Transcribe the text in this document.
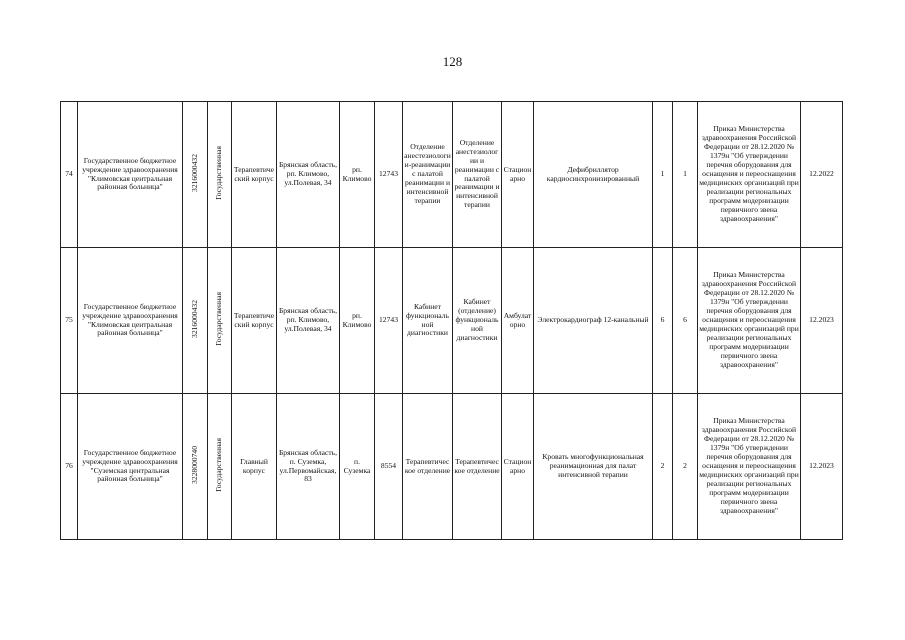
128
74	Государственное бюджетное учреждение здравоохранения "Климовская центральная районная больница"	3216000432	Государственная	Терапевтический корпус	Брянская область, рп. Климово, ул.Полевая, 34	рп. Климово	12743	Отделение анестезиологии-реанимации с палатой реанимации и интенсивной терапии	Отделение анестезиологии и реанимации с палатой реанимации и интенсивной терапии	Стационарно	Дефибриллятор кардиосинхронизированный	1	1	Приказ Министерства здравоохранения Российской Федерации от 28.12.2020 № 1379н "Об утверждении перечня оборудования для оснащения и переоснащения медицинских организаций при реализации региональных программ модернизации первичного звена здравоохранения"	12.2022
75	Государственное бюджетное учреждение здравоохранения "Климовская центральная районная больница"	3216000432	Государственная	Терапевтический корпус	Брянская область, рп. Климово, ул.Полевая, 34	рп. Климово	12743	Кабинет функциональной диагностики	Кабинет (отделение) функциональной диагностики	Амбулаторно	Электрокардиограф 12-канальный	6	6	Приказ Министерства здравоохранения Российской Федерации от 28.12.2020 № 1379н "Об утверждении перечня оборудования для оснащения и переоснащения медицинских организаций при реализации региональных программ модернизации первичного звена здравоохранения"	12.2023
76	Государственное бюджетное учреждение здравоохранения "Суземская центральная районная больница"	3228000740	Государственная	Главный корпус	Брянская область, п. Суземка, ул.Первомайская, 83	п. Суземка	8554	Терапевтическое отделение	Терапевтическое отделение	Стационарно	Кровать многофункциональная реанимационная для палат интенсивной терапии	2	2	Приказ Министерства здравоохранения Российской Федерации от 28.12.2020 № 1379н "Об утверждении перечня оборудования для оснащения и переоснащения медицинских организаций при реализации региональных программ модернизации первичного звена здравоохранения"	12.2023
